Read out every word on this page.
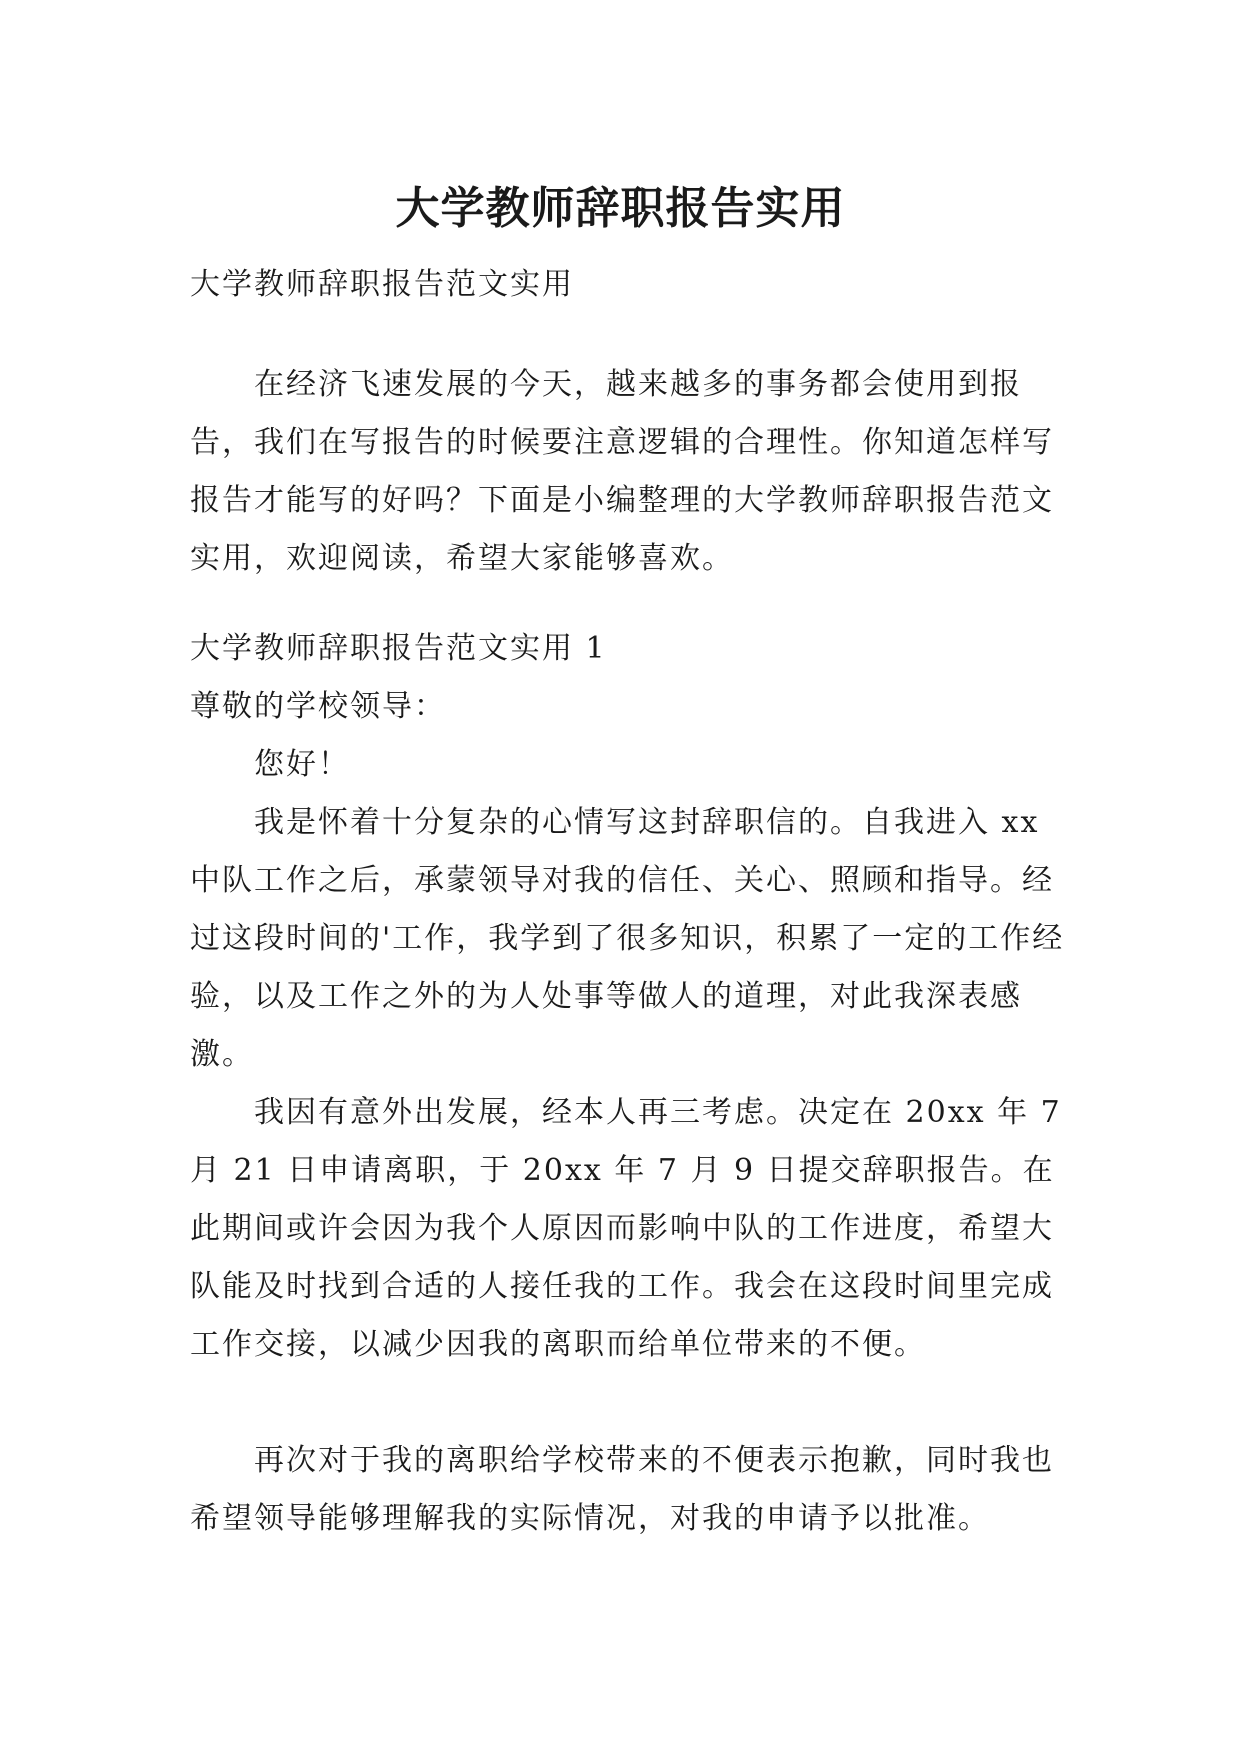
大学教师辞职报告实用

大学教师辞职报告范文实用

在经济飞速发展的今天，越来越多的事务都会使用到报告，我们在写报告的时候要注意逻辑的合理性。你知道怎样写报告才能写的好吗？下面是小编整理的大学教师辞职报告范文实用，欢迎阅读，希望大家能够喜欢。

大学教师辞职报告范文实用 1

尊敬的学校领导：

您好！

我是怀着十分复杂的心情写这封辞职信的。自我进入 xx 中队工作之后，承蒙领导对我的信任、关心、照顾和指导。经过这段时间的'工作，我学到了很多知识，积累了一定的工作经验，以及工作之外的为人处事等做人的道理，对此我深表感激。

我因有意外出发展，经本人再三考虑。决定在 20xx 年 7 月 21 日申请离职，于 20xx 年 7 月 9 日提交辞职报告。在此期间或许会因为我个人原因而影响中队的工作进度，希望大队能及时找到合适的人接任我的工作。我会在这段时间里完成工作交接，以减少因我的离职而给单位带来的不便。

再次对于我的离职给学校带来的不便表示抱歉，同时我也希望领导能够理解我的实际情况，对我的申请予以批准。
